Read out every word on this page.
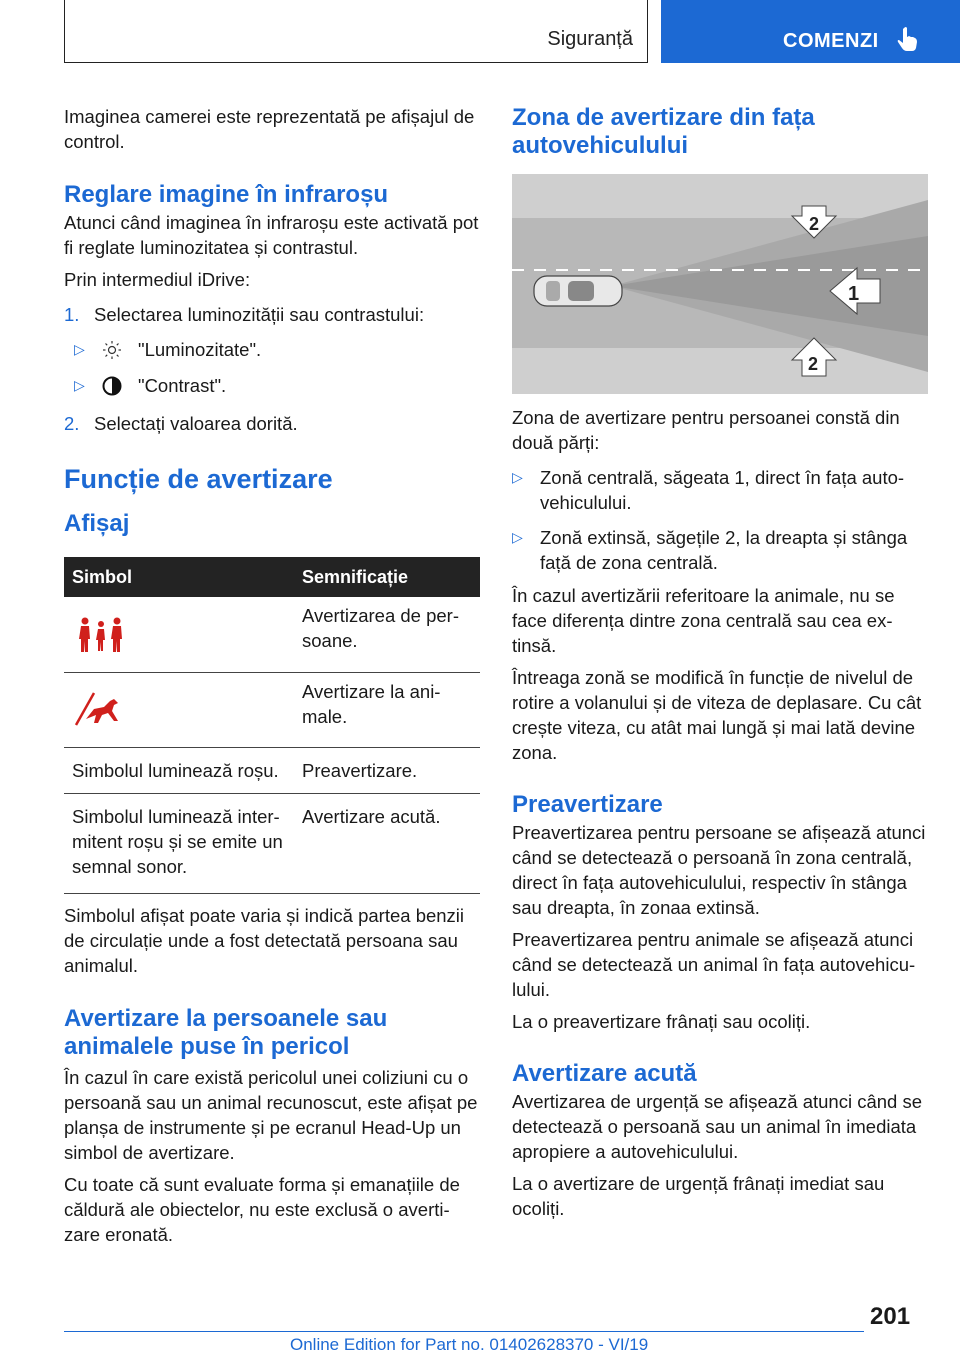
Siguranță	COMENZI

Imaginea camerei este reprezentată pe afișajul de control.

Reglare imagine în infraroșu

Atunci când imaginea în infraroșu este activată pot fi reglate luminozitatea și contrastul.

Prin intermediul iDrive:

1. Selectarea luminozității sau contrastului:

▷	"Luminozitate".

▷	"Contrast".

2. Selectați valoarea dorită.

Funcție de avertizare
Afișaj
Simbol	Semnificație
	Avertizarea de per-soane.
	Avertizare la ani-male.
Simbolul luminează roșu.	Preavertizare.
Simbolul luminează inter-mitent roșu și se emite un semnal sonor.	Avertizare acută.

Simbolul afișat poate varia și indică partea benzii de circulație unde a fost detectată persoana sau animalul.

Avertizare la persoanele sau animalele puse în pericol

În cazul în care există pericolul unei coliziuni cu o persoană sau un animal recunoscut, este afișat pe planșa de instrumente și pe ecranul Head-Up un simbol de avertizare.

Cu toate că sunt evaluate forma și emanațiile de căldură ale obiectelor, nu este exclusă o averti-zare eronată.

Zona de avertizare din fața autovehiculului
1
2
2

Zona de avertizare pentru persoanei constă din două părți:

▷ Zonă centrală, săgeata 1, direct în fața auto-vehiculului.

▷ Zonă extinsă, săgețile 2, la dreapta și stânga față de zona centrală.

În cazul avertizării referitoare la animale, nu se face diferența dintre zona centrală sau cea ex-tinsă.

Întreaga zonă se modifică în funcție de nivelul de rotire a volanului și de viteza de deplasare. Cu cât crește viteza, cu atât mai lungă și mai lată devine zona.

Preavertizare

Preavertizarea pentru persoane se afișează atunci când se detectează o persoană în zona centrală, direct în fața autovehiculului, respectiv în stânga sau dreapta, în zonaa extinsă.

Preavertizarea pentru animale se afișează atunci când se detectează un animal în fața autovehicu-lului.

La o preavertizare frânați sau ocoliți.

Avertizare acută

Avertizarea de urgență se afișează atunci când se detectează o persoană sau un animal în imediata apropiere a autovehiculului.

La o avertizare de urgență frânați imediat sau ocoliți.

201
Online Edition for Part no. 01402628370 - VI/19
